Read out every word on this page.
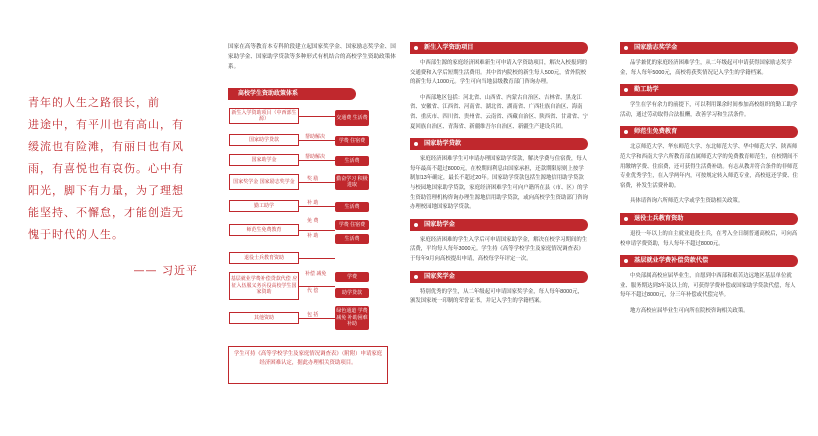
青年的人生之路很长，前
进途中，有平川也有高山，有
缓流也有险滩，有丽日也有风
雨，有喜悦也有哀伤。心中有
阳光，脚下有力量，为了理想
能坚持、不懈怠，才能创造无
愧于时代的人生。
—— 习近平
国家在高等教育本专科阶段建立起国家奖学金、国家励志奖学金、国家助学金、国家助学贷款等多种形式有机结合的高校学生资助政策体系。
高校学生资助政策体系
新生入学资助项目（中西部生源）
国家助学贷款
国家助学金
国家奖学金 国家励志奖学金
勤工助学
师范生免费教育
退役士兵教育资助
基层就业学费补偿贷款代偿 应征入伍服义务兵役高校学生国家资助
其他资助
帮助解决
帮助解决
奖 励
补 助
免 费
补 助
补偿 减免
代 偿
包 括
交通费 生活费
学费 住宿费
生活费
勤奋学习 积极进取
生活费
学费 住宿费
生活费
学费
助学贷款
绿色通道 学费减免 补助困难补助
学生可持《高等学校学生及家庭情况调查表》（附附）申请家庭经济困难认定，据此办理相关资助项目。
新生入学资助项目

中西部生源的家庭经济困难新生可申请入学资助项目，解决入校报到的交通费和入学后短期生活费用。其中省内院校的新生每人500元，省外院校的新生每人1000元。学生可向当地县级教育部门咨询办理。

中西部地区包括：河北省、山西省、内蒙古自治区、吉林省、黑龙江省、安徽省、江西省、河南省、湖北省、湖南省、广西壮族自治区、海南省、重庆市、四川省、贵州省、云南省、西藏自治区、陕西省、甘肃省、宁夏回族自治区、青海省、新疆维吾尔自治区、新疆生产建设兵团。

国家助学贷款

家庭经济困难学生可申请办理国家助学贷款，解决学费与住宿费，每人每年最高不超过8000元，在校期间利息由国家承担，还款期限原则上按学制加13年确定，最长不超过20年。国家助学贷款包括生源地信用助学贷款与校园地国家助学贷款，家庭经济困难学生可向户籍所在县（市、区）的学生资助管理机构咨询办理生源地信用助学贷款，或向高校学生资助部门咨询办理校园地国家助学贷款。

国家助学金

家庭经济困难的学生入学后可申请国家助学金，解决在校学习期间的生活费，平均每人每年3000元。学生持《高等学校学生及家庭情况调查表》于每年9月向高校提出申请，高校每学年评定一次。

国家奖学金

特别优秀的学生，从二年级起可申请国家奖学金，每人每年8000元，颁发国家统一印制的荣誉证书，并记入学生的学籍档案。

国家励志奖学金

品学兼优的家庭经济困难学生，从二年级起可申请获得国家励志奖学金，每人每年5000元，高校将获奖情况记入学生的学籍档案。

勤工助学

学生在学有余力的前提下，可以利用课余时间参加高校组织的勤工助学活动，通过劳动取得合法报酬，改善学习和生活条件。

师范生免费教育

北京师范大学、华东师范大学、东北师范大学、华中师范大学、陕西师范大学和西南大学六所教育部直属师范大学的免费教育师范生，在校期间不用缴纳学费、住宿费，还可获得生活费补助。有志从教并符合条件的非师范专业优秀学生，在入学两年内，可按规定转入师范专业，高校返还学费、住宿费，补发生活费补助。

具体请咨询六所师范大学或学生资助相关政策。

退役士兵教育资助

退役一年以上的自主就业退役士兵，在考入全日制普通高校后，可向高校申请学费资助，每人每年不超过8000元。

基层就业学费补偿贷款代偿

中央部属高校应届毕业生，自愿到中西部和艰苦边远地区基层单位就业、服务期达到3年及以上的，可获得学费补偿或国家助学贷款代偿，每人每年不超过8000元，分三年补偿或代偿完毕。

地方高校应届毕业生可向所在院校咨询相关政策。
